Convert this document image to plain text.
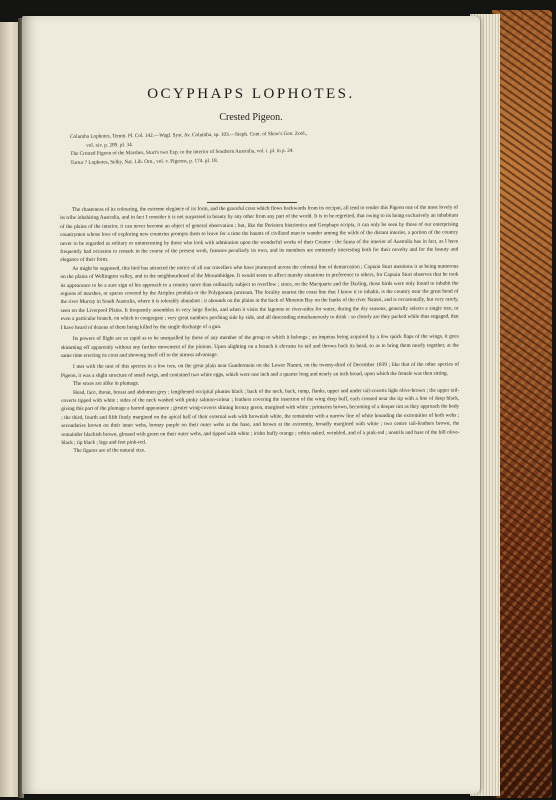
OCYPHAPS LOPHOTES.
Crested Pigeon.
Columba Lophotes, Temm. Pl. Col. 142.—Wagl. Syst. Av. Columba, sp. 103.—Steph. Cont. of Shaw's Gen. Zool.,
vol. xiv. p. 289. pl. 34.
The Crested Pigeon of the Marshes, Sturt's two Exp. to the interior of Southern Australia, vol. i. pl. in p. 24.
Turtur ? Lophotes, Selby, Nat. Lib. Orn., vol. v. Pigeons, p. 174. pl. 18.

The chasteness of its colouring, the extreme elegance of its form, and the graceful crest which flows backwards from its occiput, all tend to render this Pigeon one of the most lovely of its tribe inhabiting Australia, and in fact I consider it is not surpassed in beauty by any other from any part of the world. It is to be regretted, that owing to its being exclusively an inhabitant of the plains of the interior, it can never become an object of general observation ; but, like the Peristera histrionica and Geophaps scripta, it can only be seen by those of our enterprising countrymen whose love of exploring new countries prompts them to leave for a time the haunts of civilized man to wander among the wilds of the distant interior, a portion of the country never to be regarded as solitary or uninteresting by those who look with admiration upon the wonderful works of their Creator : the fauna of the interior of Australia has in fact, as I have frequently had occasion to remark in the course of the present work, features peculiarly its own, and its members are eminently interesting both for their novelty and for the beauty and elegance of their form.

As might be supposed, this bird has attracted the notice of all our travellers who have journeyed across the colonial line of demarcation ; Captain Sturt mentions it as being numerous on the plains of Wellington valley, and in the neighbourhood of the Morumbidgee. It would seem to affect marshy situations in preference to others, for Captain Sturt observes that he took its appearance to be a sure sign of his approach to a country more than ordinarily subject to overflow ; since, on the Macquarie and the Darling, those birds were only found to inhabit the regions of marshes, or spaces covered by the Atriplex pendula or the Polygonum junceum. The locality nearest the coast line that I know it to inhabit, is the country near the great bend of the river Murray in South Australia, where it is tolerably abundant ; it abounds on the plains at the back of Moreton Bay on the banks of the river Namoi, and is occasionally, but very rarely, seen on the Liverpool Plains. It frequently assembles in very large flocks, and when it visits the lagoons or river-sides for water, during the dry seasons, generally selects a single tree, or even a particular branch, on which to congregate ; very great numbers perching side by side, and all descending simultaneously to drink : so closely are they packed while thus engaged, that I have heard of dozens of them being killed by the single discharge of a gun.

Its powers of flight are so rapid as to be unequalled by those of any member of the group to which it belongs ; an impetus being acquired by a few quick flaps of the wings, it goes skimming off apparently without any further movement of the pinions. Upon alighting on a branch it elevates its tail and throws back its head, so as to bring them nearly together, at the same time erecting its crest and showing itself off to the utmost advantage.

I met with the nest of this species in a low tree, on the great plain near Gundermein on the Lower Namoi, on the twenty-third of December 1839 ; like that of the other species of Pigeon, it was a slight structure of small twigs, and contained two white eggs, which were one inch and a quarter long and nearly an inch broad, upon which the female was then sitting.

The sexes are alike in plumage.

Head, face, throat, breast and abdomen grey ; lengthened occipital plumes black ; back of the neck, back, rump, flanks, upper and under tail-coverts light olive-brown ; the upper tail-coverts tipped with white ; sides of the neck washed with pinky salmon-colour ; feathers covering the insertion of the wing deep buff, each crossed near the tip with a line of deep black, giving this part of the plumage a barred appearance ; greater wing-coverts shining bronzy green, margined with white ; primaries brown, becoming of a deeper tint as they approach the body ; the third, fourth and fifth finely margined on the apical half of their external web with brownish white, the remainder with a narrow line of white bounding the extremities of both webs ; secondaries brown on their inner webs, bronzy purple on their outer webs at the base, and brown at the extremity, broadly margined with white ; two centre tail-feathers brown, the remainder blackish brown, glossed with green on their outer webs, and tipped with white ; irides buffy orange ; orbits naked, wrinkled, and of a pink-red ; nostrils and base of the bill olive-black ; tip black ; legs and feet pink-red.

The figures are of the natural size.
